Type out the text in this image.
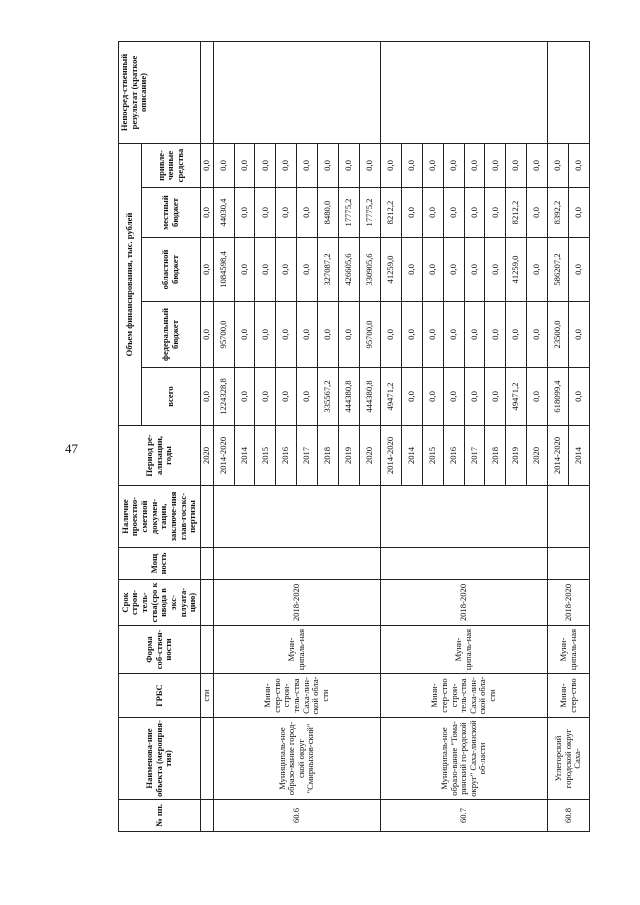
47
№ пп.	Наименова-ние объекта (мероприя-тия)	ГРБС	Форма соб-ствен-ности	Срок строи-тель-ства(сро к ввода в экс-плуата-цию)	Мощ ность	Наличие проектно-сметной докумен-тации, заключе-ния глав-госэкс-пертизы	Период ре-ализации, годы	Объем финансирования, тыс. рублей					Непосред-ственный результат (краткое описание)
								всего	федеральный бюджет	областной бюджет	местный бюджет	привле-ченные средства	
		сти					2020	0,0	0,0	0,0	0,0	0,0	
60.6	Муниципаль-ное образо-вание город-ской округ "Смирныхов-ский"	Мини-стер-ство строи-тель-ства Саха-лин-ской обла-сти	Муни-ципаль-ная	2018-2020			2014-2020	1224328,8	95700,0	1084598,4	44030,4	0,0	
							2014	0,0	0,0	0,0	0,0	0,0	
							2015	0,0	0,0	0,0	0,0	0,0	
							2016	0,0	0,0	0,0	0,0	0,0	
							2017	0,0	0,0	0,0	0,0	0,0	
							2018	335567,2	0,0	327087,2	8480,0	0,0	
							2019	444380,8	0,0	426605,6	17775,2	0,0	
							2020	444380,8	95700,0	330905,6	17775,2	0,0	
60.7	Муниципаль-ное образо-вание "Тома-ринский го-родской округ" Саха-линской об-ласти	Мини-стер-ство строи-тель-ства Саха-лин-ской обла-сти	Муни-ципаль-ная	2018-2020			2014-2020	49471,2	0,0	41259,0	8212,2	0,0	
							2014	0,0	0,0	0,0	0,0	0,0	
							2015	0,0	0,0	0,0	0,0	0,0	
							2016	0,0	0,0	0,0	0,0	0,0	
							2017	0,0	0,0	0,0	0,0	0,0	
							2018	0,0	0,0	0,0	0,0	0,0	
							2019	49471,2	0,0	41259,0	8212,2	0,0	
							2020	0,0	0,0	0,0	0,0	0,0	
60.8	Углегорский городской округ Саха-	Мини-стер-ство	Муни-ципаль-ная	2018-2020			2014-2020	618099,4	23500,0	586207,2	8392,2	0,0	
							2014	0,0	0,0	0,0	0,0	0,0	
